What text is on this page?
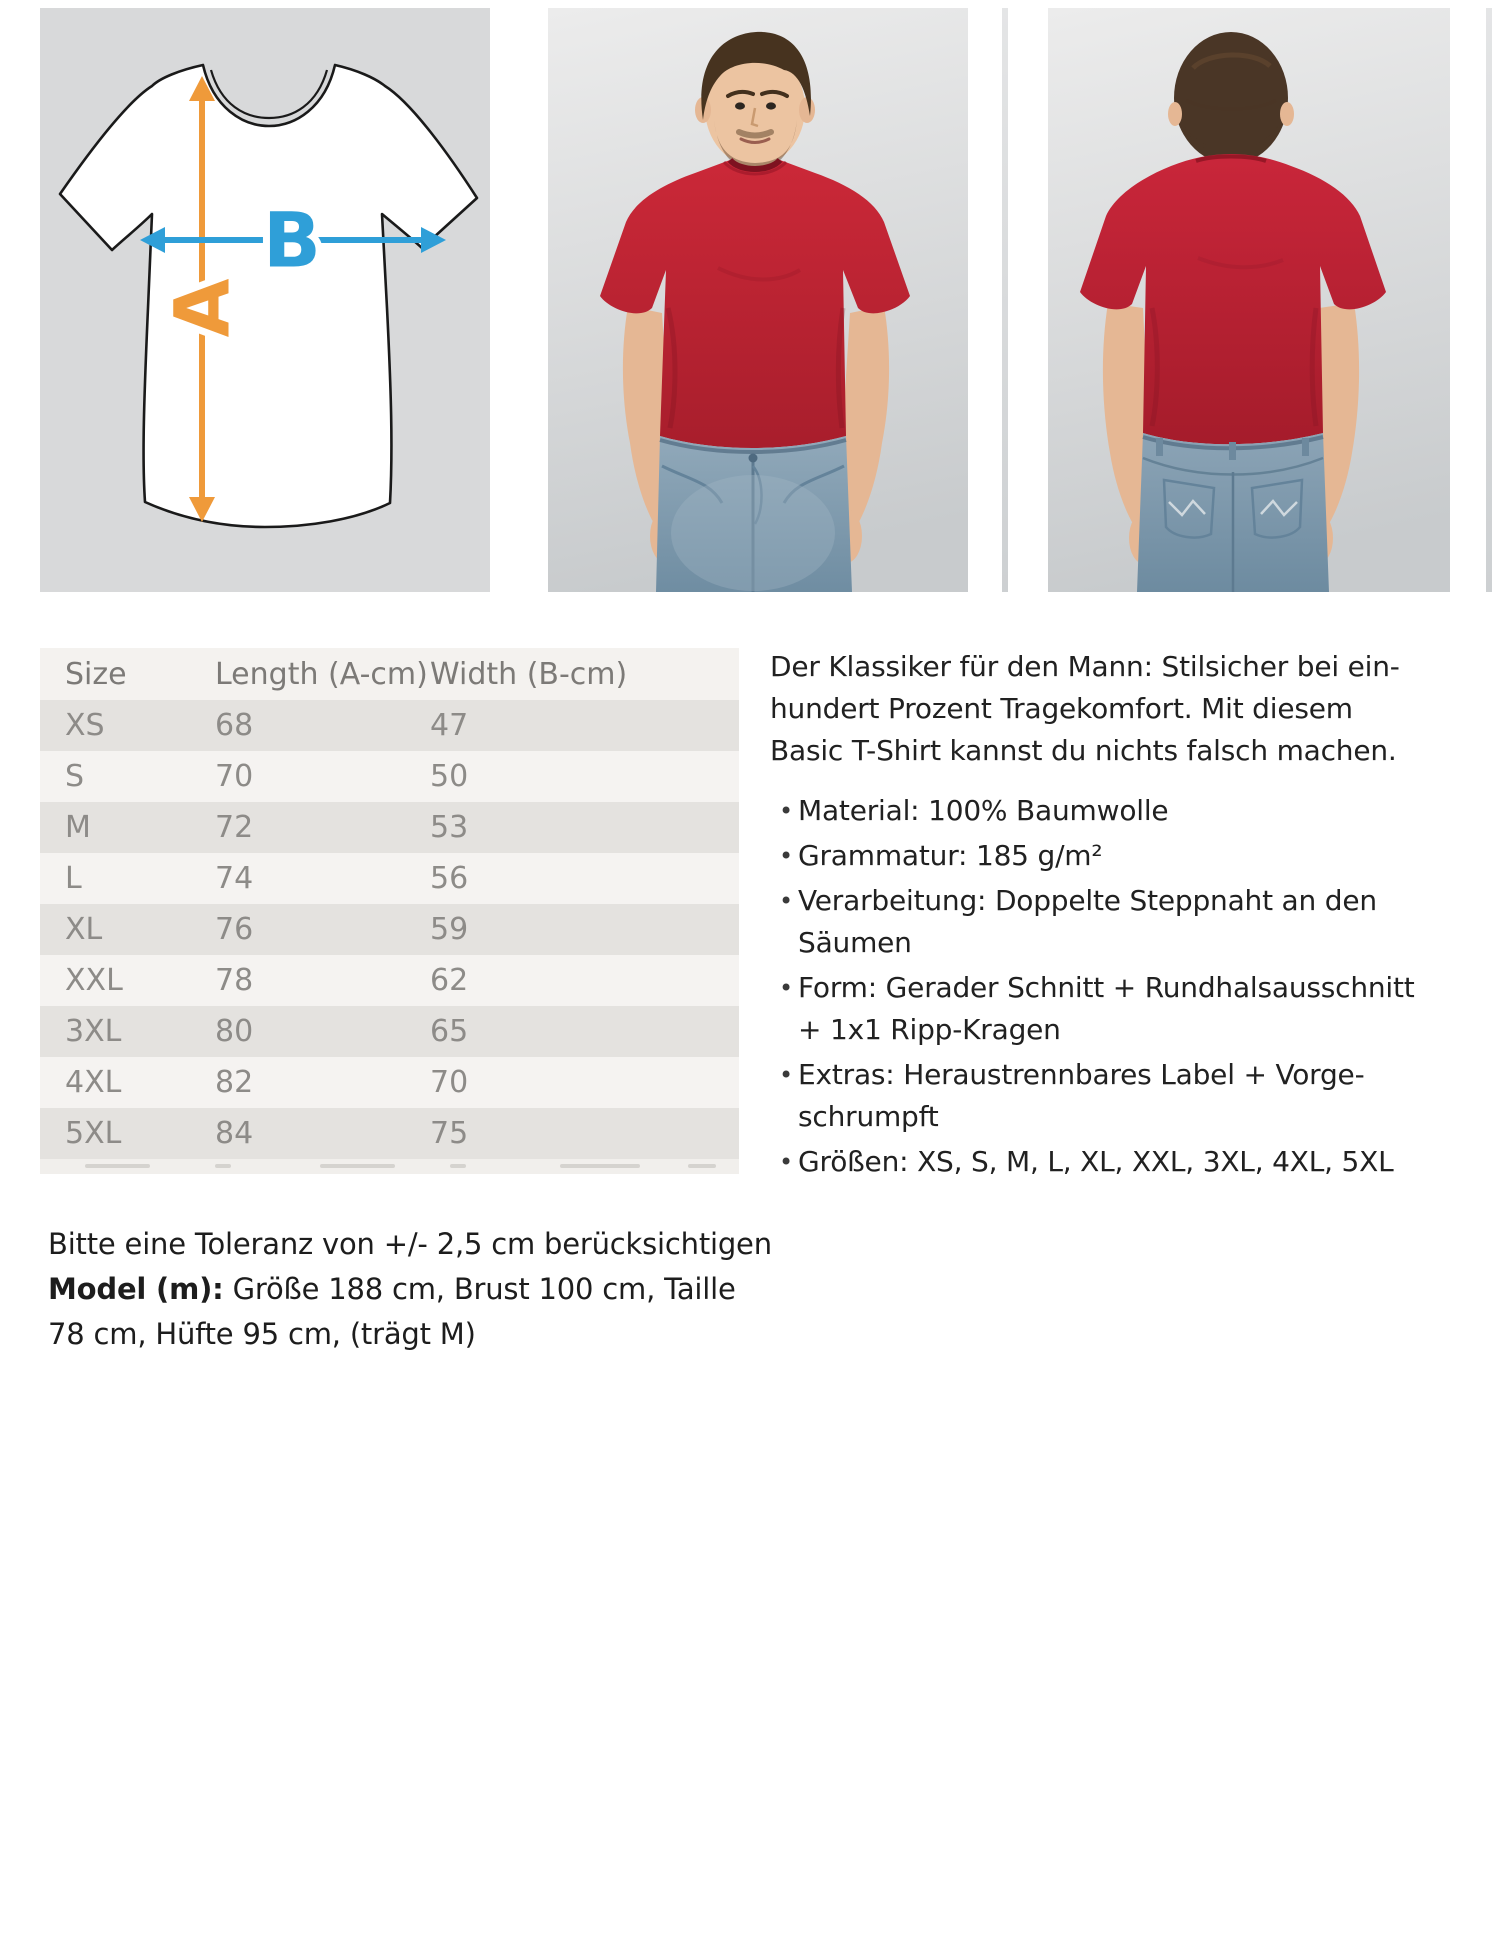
A
B
Size	Length (A-cm) Width (B-cm)
XS	68	47
S	70	50
M	72	53
L	74	56
XL	76	59
XXL	78	62
3XL	80	65
4XL	82	70
5XL	84	75
Der Klassiker für den Mann: Stilsicher bei ein-
hundert Prozent Tragekomfort. Mit diesem
Basic T-Shirt kannst du nichts falsch machen.
• Material: 100% Baumwolle
• Grammatur: 185 g/m²
• Verarbeitung: Doppelte Steppnaht an den
Säumen
• Form: Gerader Schnitt + Rundhalsausschnitt
+ 1x1 Ripp-Kragen
• Extras: Heraustrennbares Label + Vorge-
schrumpft
• Größen: XS, S, M, L, XL, XXL, 3XL, 4XL, 5XL
Bitte eine Toleranz von +/- 2,5 cm berücksichtigen
Model (m): Größe 188 cm, Brust 100 cm, Taille
78 cm, Hüfte 95 cm, (trägt M)
